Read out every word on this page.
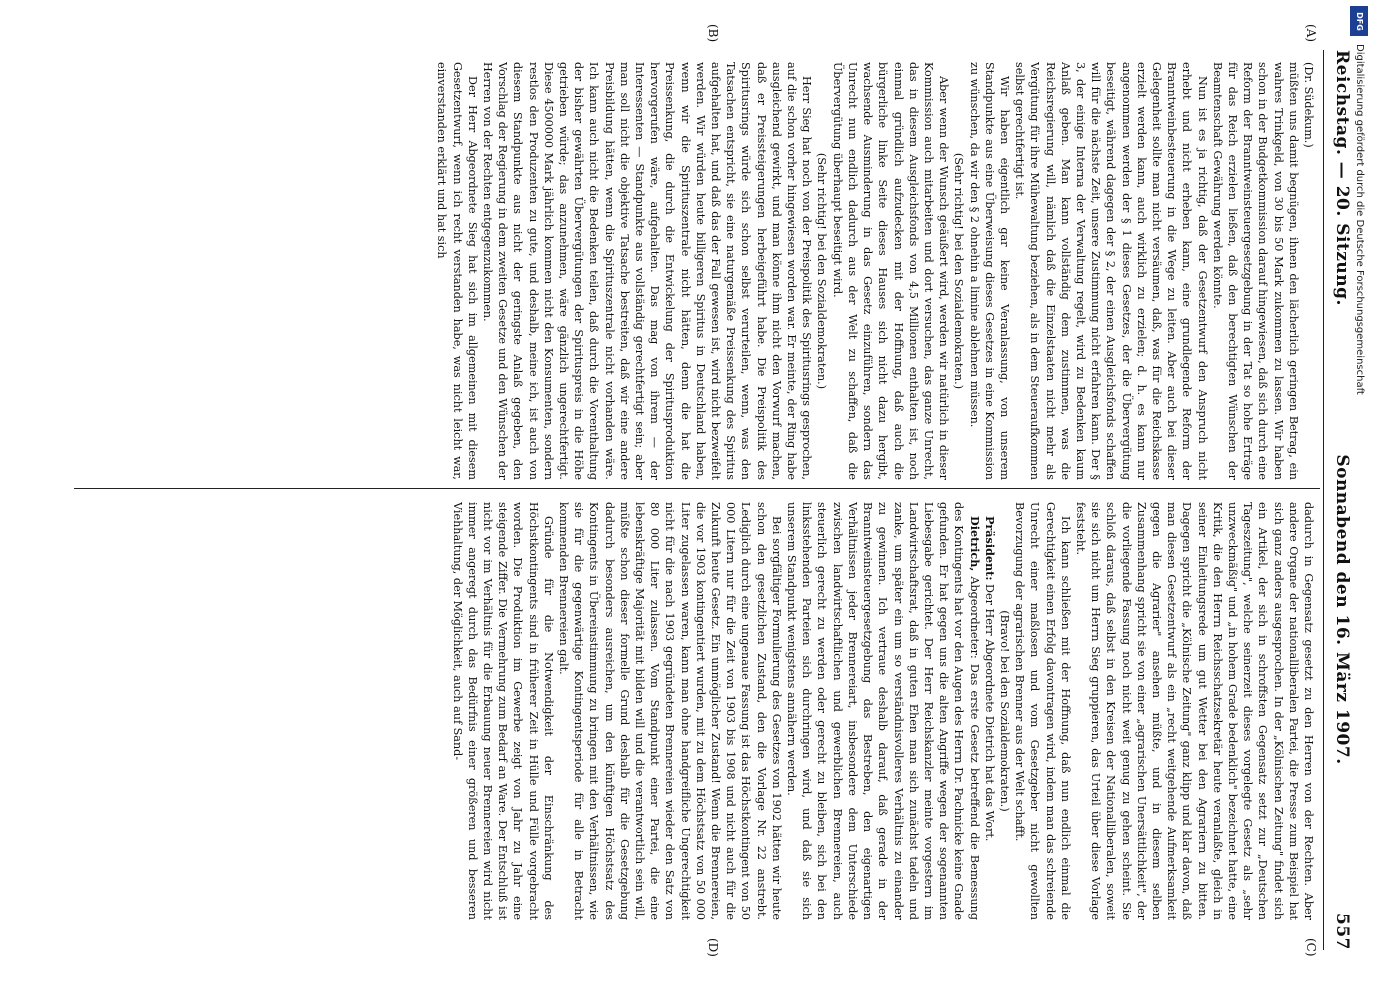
Reichstag. — 20. Sitzung.
Sonnabend den 16. März 1907.
557
(A)
(B)
(C)
(D)

(Dr. Südekum.)

müßten uns damit begnügen, ihnen den lächerlich geringen Betrag, ein wahres Trinkgeld, von 30 bis 50 Mark zukommen zu lassen. Wir haben schon in der Budgetkommission darauf hingewiesen, daß sich durch eine Reform der Branntweinsteuergesetzgebung in der Tat so hohe Erträge für das Reich erzielen ließen, daß den berechtigten Wünschen der Beamtenschaft Gewährung werden könnte.

Nun ist es ja richtig, daß der Gesetzentwurf den Anspruch nicht erhebt und nicht erheben kann, eine grundlegende Reform der Branntweinbesteuerung in die Wege zu leiten. Aber auch bei dieser Gelegenheit sollte man nicht versäumen, daß, was für die Reichskasse erzielt werden kann, auch wirklich zu erzielen; d. h. es kann nur angenommen werden der § 1 dieses Gesetzes, der die Übervergütung beseitigt, während dagegen der § 2, der einen Ausgleichsfonds schaffen will für die nächste Zeit, unsere Zustimmung nicht erfahren kann. Der § 3, der einige Interna der Verwaltung regelt, wird zu Bedenken kaum Anlaß geben. Man kann vollständig dem zustimmen, was die Reichsregierung will, nämlich daß die Einzelstaaten nicht mehr als Vergütung für ihre Mühewaltung beziehen, als in dem Steueraufkommen selbst gerechtfertigt ist.

Wir haben eigentlich gar keine Veranlassung, von unserem Standpunkte aus eine Überweisung dieses Gesetzes in eine Kommission zu wünschen, da wir den § 2 ohnehin a limine ablehnen müssen.

(Sehr richtig! bei den Sozialdemokraten.)

Aber wenn der Wunsch geäußert wird, werden wir natürlich in dieser Kommission auch mitarbeiten und dort versuchen, das ganze Unrecht, das in diesem Ausgleichsfonds von 4,5 Millionen enthalten ist, noch einmal gründlich aufzudecken mit der Hoffnung, daß auch die bürgerliche linke Seite dieses Hauses sich nicht dazu hergibt, wachsende Ausminderung in das Gesetz einzuführen, sondern das Unrecht nun endlich dadurch aus der Welt zu schaffen, daß die Übervergütung überhaupt beseitigt wird.

(Sehr richtig! bei den Sozialdemokraten.)

Herr Sieg hat noch von der Preispolitik des Spiritusrings gesprochen, auf die schon vorher hingewiesen worden war. Er meinte, der Ring habe ausgleichend gewirkt, und man könne ihm nicht den Vorwurf machen, daß er Preissteigerungen herbeigeführt habe. Die Preispolitik des Spiritusrings würde sich schon selbst verurteilen, wenn, was den Tatsachen entspricht, sie eine naturgemäße Preissenkung des Spiritus aufgehalten hat, und daß das der Fall gewesen ist, wird nicht bezweifelt werden. Wir würden heute billigeren Spiritus in Deutschland haben, wenn wir die Spirituszentrale nicht hätten, denn die hat die Preissenkung, die durch die Entwickelung der Spiritusproduktion hervorgerufen wäre, aufgehalten. Das mag von ihrem — der Interessenten — Standpunkte aus vollständig gerechtfertigt sein; aber man soll nicht die objektive Tatsache bestreiten, daß wir eine andere Preisbildung hätten, wenn die Spirituszentrale nicht vorhanden wäre. Ich kann auch nicht die Bedenken teilen, daß durch die Vorenthaltung der bisher gewährten Übervergütungen der Spirituspreis in die Höhe getrieben würde; das anzunehmen, wäre gänzlich ungerechtfertigt. Diese 4500000 Mark jährlich kommen nicht den Konsumenten, sondern restlos den Produzenten zu gute, und deshalb, meine ich, ist auch von diesem Standpunkte aus nicht der geringste Anlaß gegeben, den Vorschlag der Regierung in dem zweiten Gesetze und den Wünschen der Herren von der Rechten entgegenzukommen.

Der Herr Abgeordnete Sieg hat sich im allgemeinen mit diesem Gesetzentwurf, wenn ich recht verstanden habe, was nicht leicht war, einverstanden erklärt und hat sich

dadurch in Gegensatz gesetzt zu den Herren von der Rechten. Aber andere Organe der nationalliberalen Partei, die Presse zum Beispiel hat sich ganz anders ausgesprochen. In der „Kölnischen Zeitung" findet sich ein Artikel, der sich in schroffsten Gegensatz setzt zur „Deutschen Tageszeitung", welche seinerzeit dieses vorgelegte Gesetz als „sehr unzweckmäßig" und „in hohem Grade bedenklich" bezeichnet hatte, eine Kritik, die den Herrn Reichsschatzsekretär heute veranlaßte, gleich in seiner Einleitungsrede um gut Wetter bei den Agrariern zu bitten. Dagegen spricht die „Kölnische Zeitung" ganz klipp und klar davon, daß man diesen Gesetzentwurf als ein „recht weitgehende Aufmerksamkeit gegen die Agrarier" ansehen müßte, und in diesem selben Zusammenhang spricht sie von einer „agrarischen Unersättlichkeit", der die vorliegende Fassung noch nicht weit genug zu gehen scheint. Sie schloß daraus, daß selbst in den Kreisen der Nationalliberalen, soweit sie sich nicht um Herrn Sieg gruppieren, das Urteil über diese Vorlage feststeht.

Ich kann schließen mit der Hoffnung, daß nun endlich einmal die Gerechtigkeit einen Erfolg davontragen wird, indem man das schreiende Unrecht einer maßlosen und vom Gesetzgeber nicht gewollten Bevorzugung der agrarischen Brenner aus der Welt schafft.

(Bravo! bei den Sozialdemokraten.)

Präsident: Der Herr Abgeordnete Dietrich hat das Wort.

Dietrich, Abgeordneter: Das erste Gesetz betreffend die Bemessung des Kontingents hat vor den Augen des Herrn Dr. Pachnicke keine Gnade gefunden. Er hat gegen uns die alten Angriffe wegen der sogenannten Liebesgabe gerichtet. Der Herr Reichskanzler meinte vorgestern im Landwirtschaftsrat, daß in guten Ehen man sich zunächst tadeln und zanke, um später ein um so verständnisvolleres Verhältnis zu einander zu gewinnen. Ich vertraue deshalb darauf, daß gerade in der Branntweinsteuergesetzgebung das Bestreben, den eigenartigen Verhältnissen jeder Brennereiart, insbesondere dem Unterschiede zwischen landwirtschaftlichen und gewerblichen Brennereien, auch steuerlich gerecht zu werden oder gerecht zu bleiben, sich bei den linksstehenden Parteien sich durchringen wird, und daß sie sich unserem Standpunkt wenigstens annähern werden.

Bei sorgfältiger Formulierung des Gesetzes von 1902 hätten wir heute schon den gesetzlichen Zustand, den die Vorlage Nr. 22 anstrebt. Lediglich durch eine ungenaue Fassung ist das Höchstkontingent von 50 000 Litern nur für die Zeit von 1903 bis 1908 und nicht auch für die Zukunft heute Gesetz. Ein unmöglicher Zustand! Wenn die Brennereien, die vor 1903 kontingentiert wurden, mit zu dem Höchstsatz von 50 000 Liter zugelassen waren, kann man ohne handgreifliche Ungerechtigkeit nicht für die nach 1903 gegründeten Brennereien wieder den Satz von 80 000 Liter zulassen. Vom Standpunkt einer Partei, die eine lebenskräftige Majorität mit bilden will und die verantwortlich sein will, müßte schon dieser formelle Grund deshalb für die Gesetzgebung dadurch besonders ausreichen, um den künftigen Höchstsatz des Kontingents in Übereinstimmung zu bringen mit den Verhältnissen, wie sie für die gegenwärtige Kontingentsperiode für alle in Betracht kommenden Brennereien galt.

Gründe für die Notwendigkeit der Einschränkung des Höchstkontingents sind in früherer Zeit in Hülle und Fülle vorgebracht worden. Die Produktion im Gewerbe zeigt von Jahr zu Jahr eine steigende Ziffer. Die Vermehrung zum Bedarf an Ware. Der Entschluß ist nicht vor im Verhältnis für die Erbauung neuer Brennereien wird nicht immer angeregt durch das Bedürfnis einer größeren und besseren Viehhaltung, der Möglichkeit, auch auf Sand-

DFG
Digitalisierung gefördert durch die Deutsche Forschungsgemeinschaft
